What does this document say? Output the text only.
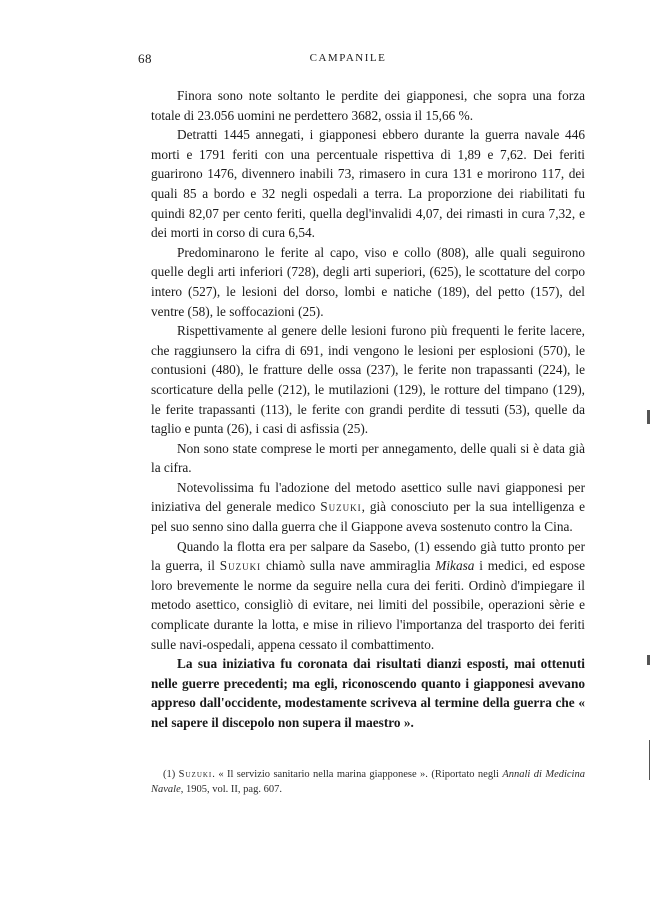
68	CAMPANILE

Finora sono note soltanto le perdite dei giapponesi, che sopra una forza totale di 23.056 uomini ne perdettero 3682, ossia il 15,66 %.

Detratti 1445 annegati, i giapponesi ebbero durante la guerra navale 446 morti e 1791 feriti con una percentuale rispettiva di 1,89 e 7,62. Dei feriti guarirono 1476, divennero inabili 73, rimasero in cura 131 e morirono 117, dei quali 85 a bordo e 32 negli ospedali a terra. La proporzione dei riabilitati fu quindi 82,07 per cento feriti, quella degl'invalidi 4,07, dei rimasti in cura 7,32, e dei morti in corso di cura 6,54.

Predominarono le ferite al capo, viso e collo (808), alle quali seguirono quelle degli arti inferiori (728), degli arti superiori, (625), le scottature del corpo intero (527), le lesioni del dorso, lombi e natiche (189), del petto (157), del ventre (58), le soffocazioni (25).

Rispettivamente al genere delle lesioni furono più frequenti le ferite lacere, che raggiunsero la cifra di 691, indi vengono le lesioni per esplosioni (570), le contusioni (480), le fratture delle ossa (237), le ferite non trapassanti (224), le scorticature della pelle (212), le mutilazioni (129), le rotture del timpano (129), le ferite trapassanti (113), le ferite con grandi perdite di tessuti (53), quelle da taglio e punta (26), i casi di asfissia (25).

Non sono state comprese le morti per annegamento, delle quali si è data già la cifra.

Notevolissima fu l'adozione del metodo asettico sulle navi giapponesi per iniziativa del generale medico Suzuki, già conosciuto per la sua intelligenza e pel suo senno sino dalla guerra che il Giappone aveva sostenuto contro la Cina.

Quando la flotta era per salpare da Sasebo, (1) essendo già tutto pronto per la guerra, il Suzuki chiamò sulla nave ammiraglia Mikasa i medici, ed espose loro brevemente le norme da seguire nella cura dei feriti. Ordinò d'impiegare il metodo asettico, consigliò di evitare, nei limiti del possibile, operazioni sèrie e complicate durante la lotta, e mise in rilievo l'importanza del trasporto dei feriti sulle navi-ospedali, appena cessato il combattimento.

La sua iniziativa fu coronata dai risultati dianzi esposti, mai ottenuti nelle guerre precedenti; ma egli, riconoscendo quanto i giapponesi avevano appreso dall'occidente, modestamente scriveva al termine della guerra che « nel sapere il discepolo non supera il maestro ».

(1) Suzuki. « Il servizio sanitario nella marina giapponese ». (Riportato negli Annali di Medicina Navale, 1905, vol. II, pag. 607.
